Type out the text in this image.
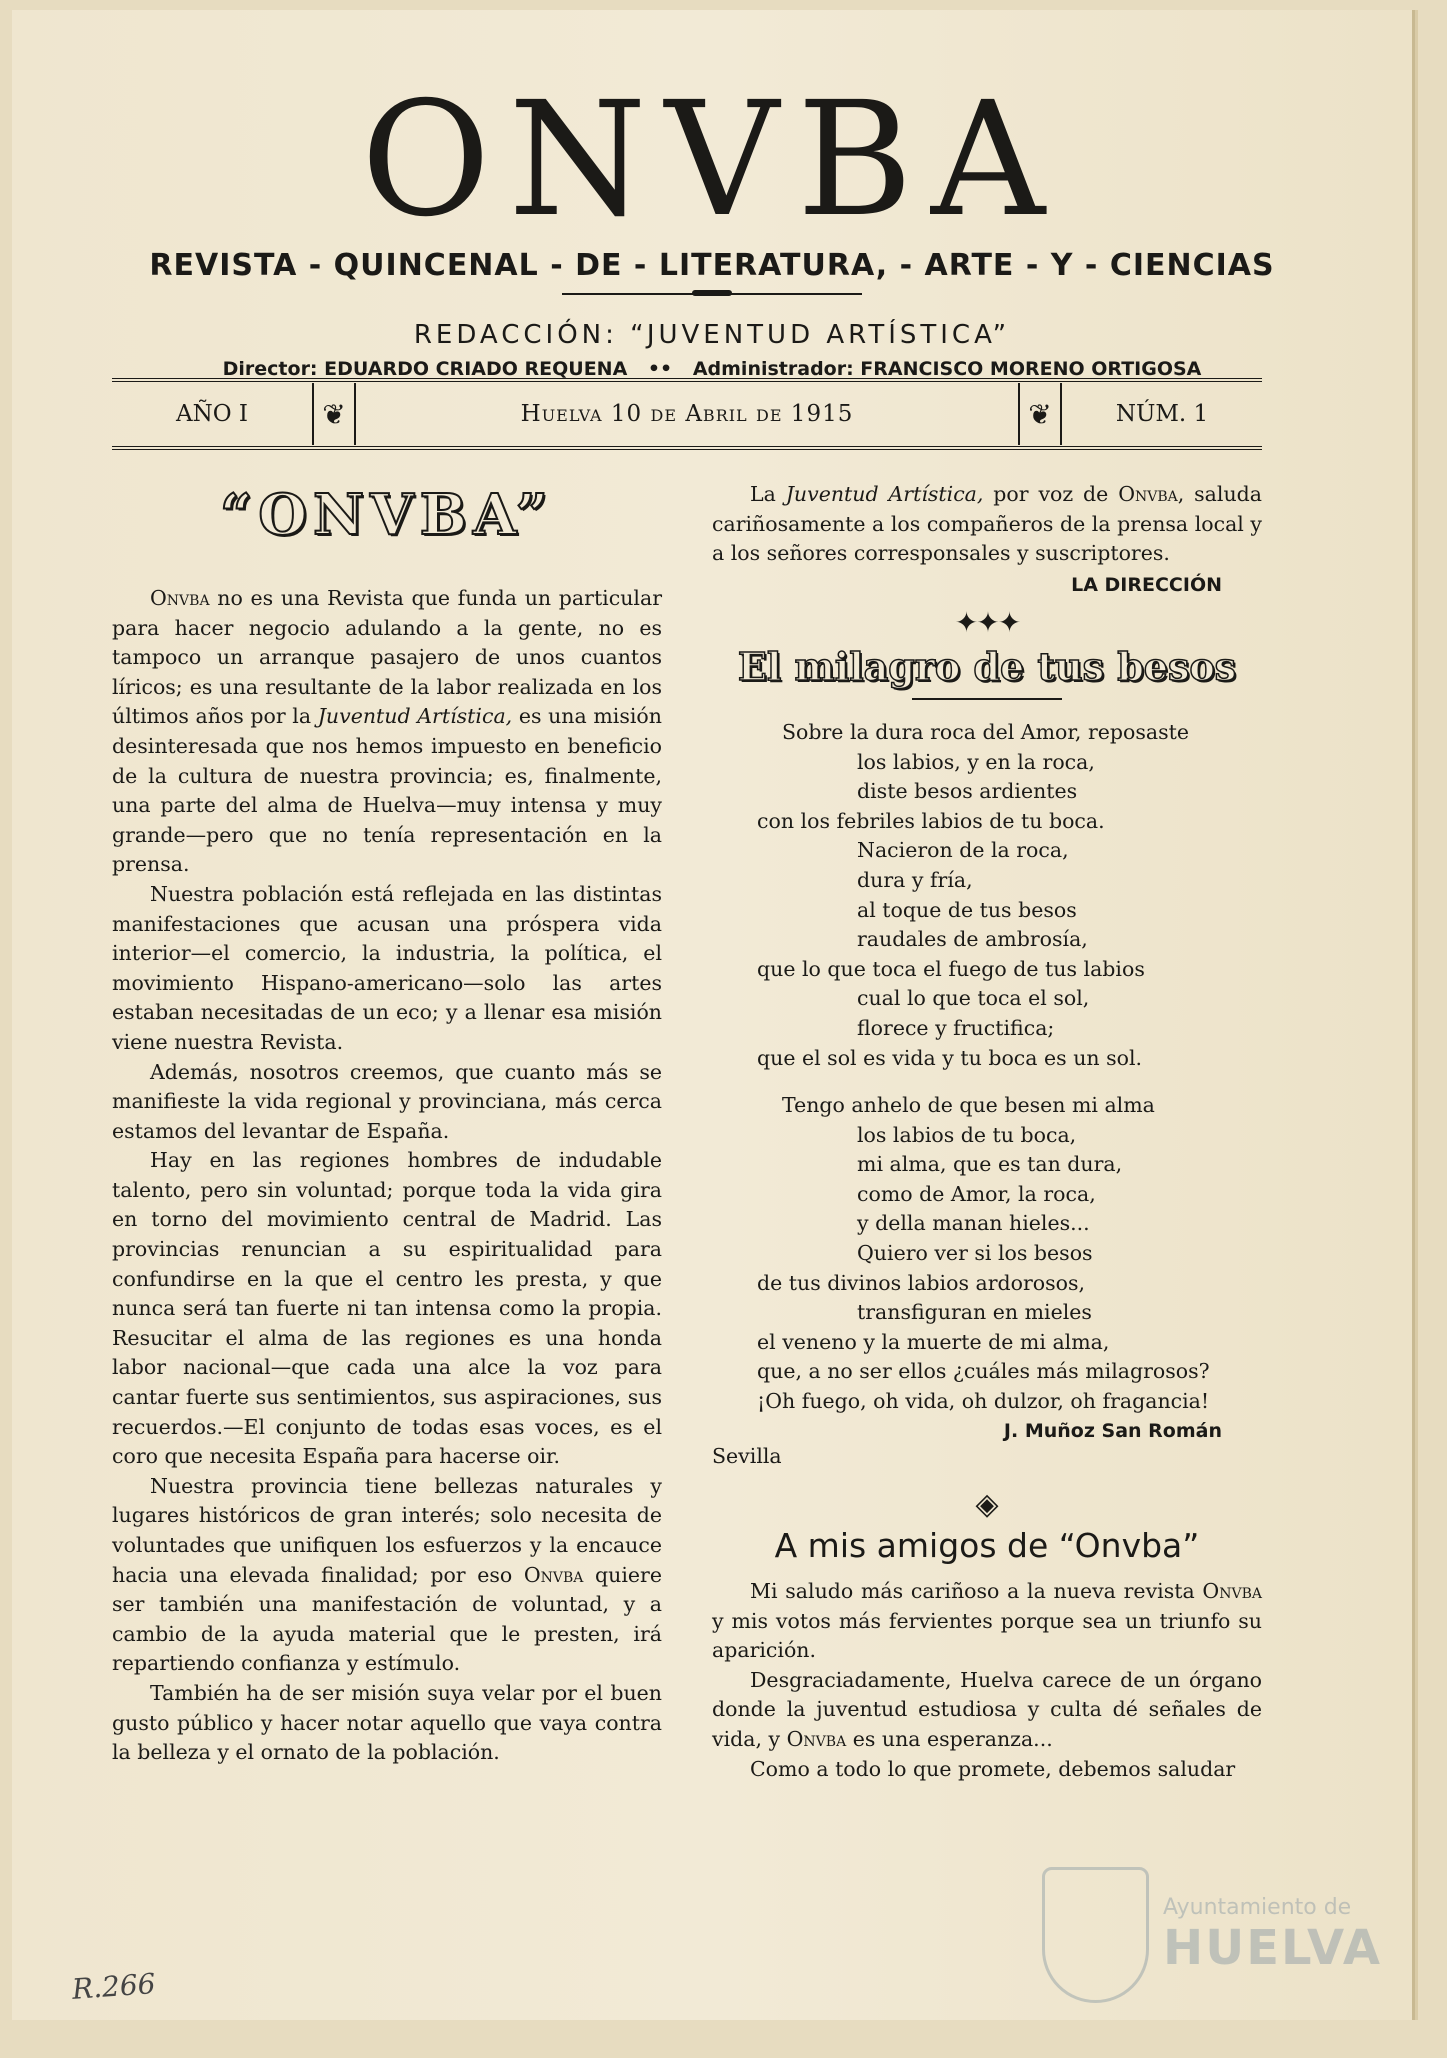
ONVBA
REVISTA - QUINCENAL - DE - LITERATURA, - ARTE - Y - CIENCIAS
REDACCIÓN: “JUVENTUD ARTÍSTICA”
Director: EDUARDO CRIADO REQUENA •• Administrador: FRANCISCO MORENO ORTIGOSA
AÑO I	❦	Huelva 10 de Abril de 1915	❦	NÚM. 1
“ONVBA”

Onvba no es una Revista que funda un particular para hacer negocio adulando a la gente, no es tampoco un arranque pasajero de unos cuantos líricos; es una resultante de la labor realizada en los últimos años por la Juventud Artística, es una misión desinteresada que nos hemos impuesto en beneficio de la cultura de nuestra provincia; es, finalmente, una parte del alma de Huelva—muy intensa y muy grande—pero que no tenía representación en la prensa.

Nuestra población está reflejada en las distintas manifestaciones que acusan una próspera vida interior—el comercio, la industria, la política, el movimiento Hispano-americano—solo las artes estaban necesitadas de un eco; y a llenar esa misión viene nuestra Revista.

Además, nosotros creemos, que cuanto más se manifieste la vida regional y provinciana, más cerca estamos del levantar de España.

Hay en las regiones hombres de indudable talento, pero sin voluntad; porque toda la vida gira en torno del movimiento central de Madrid. Las provincias renuncian a su espiritualidad para confundirse en la que el centro les presta, y que nunca será tan fuerte ni tan intensa como la propia. Resucitar el alma de las regiones es una honda labor nacional—que cada una alce la voz para cantar fuerte sus sentimientos, sus aspiraciones, sus recuerdos.—El conjunto de todas esas voces, es el coro que necesita España para hacerse oir.

Nuestra provincia tiene bellezas naturales y lugares históricos de gran interés; solo necesita de voluntades que unifiquen los esfuerzos y la encauce hacia una elevada finalidad; por eso Onvba quiere ser también una manifestación de voluntad, y a cambio de la ayuda material que le presten, irá repartiendo confianza y estímulo.

También ha de ser misión suya velar por el buen gusto público y hacer notar aquello que vaya contra la belleza y el ornato de la población.

La Juventud Artística, por voz de Onvba, saluda cariñosamente a los compañeros de la prensa local y a los señores corresponsales y suscriptores.

LA DIRECCIÓN
✦✦✦
El milagro de tus besos
Sobre la dura roca del Amor, reposaste
los labios, y en la roca,
diste besos ardientes
con los febriles labios de tu boca.
Nacieron de la roca,
dura y fría,
al toque de tus besos
raudales de ambrosía,
que lo que toca el fuego de tus labios
cual lo que toca el sol,
florece y fructifica;
que el sol es vida y tu boca es un sol.
Tengo anhelo de que besen mi alma
los labios de tu boca,
mi alma, que es tan dura,
como de Amor, la roca,
y della manan hieles...
Quiero ver si los besos
de tus divinos labios ardorosos,
transfiguran en mieles
el veneno y la muerte de mi alma,
que, a no ser ellos ¿cuáles más milagrosos?
¡Oh fuego, oh vida, oh dulzor, oh fragancia!
J. Muñoz San Román
Sevilla
◈
A mis amigos de “Onvba”

Mi saludo más cariñoso a la nueva revista Onvba y mis votos más fervientes porque sea un triunfo su aparición.

Desgraciadamente, Huelva carece de un órgano donde la juventud estudiosa y culta dé señales de vida, y Onvba es una esperanza...

Como a todo lo que promete, debemos saludar

R.266
Ayuntamiento de
HUELVA
